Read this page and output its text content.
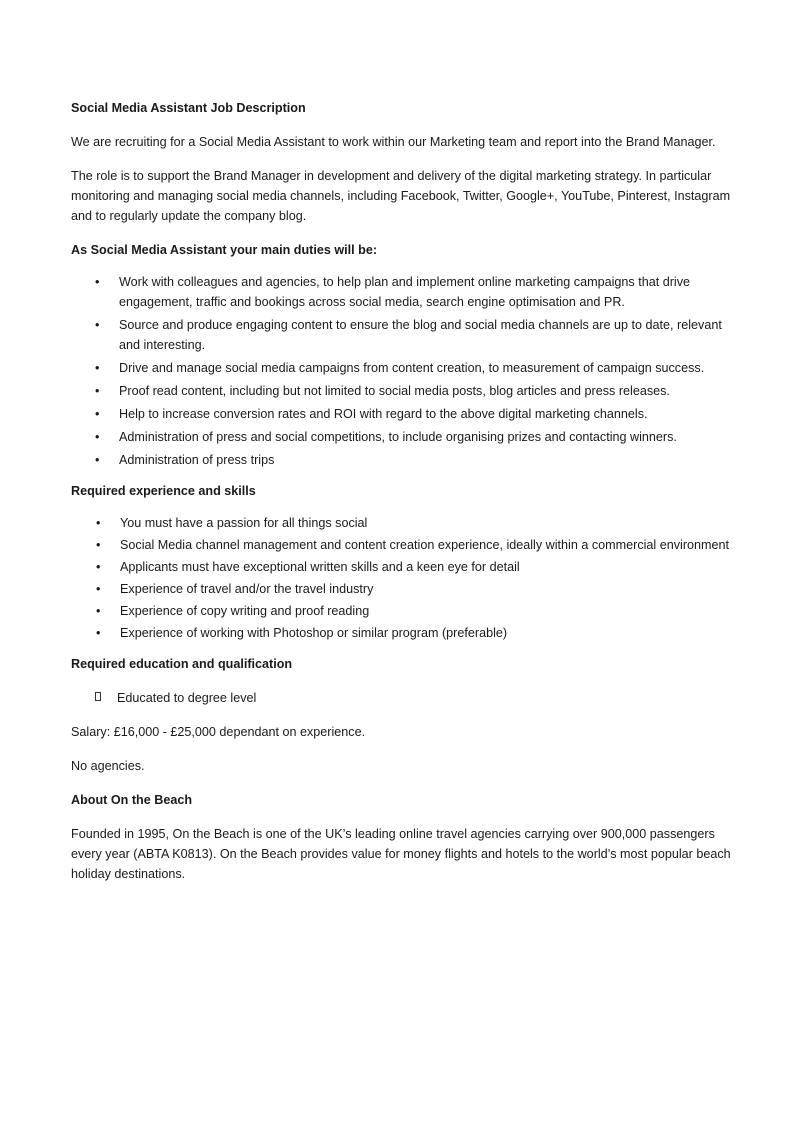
Social Media Assistant Job Description

We are recruiting for a Social Media Assistant to work within our Marketing team and report into the Brand Manager.

The role is to support the Brand Manager in development and delivery of the digital marketing strategy. In particular monitoring and managing social media channels, including Facebook, Twitter, Google+, YouTube, Pinterest, Instagram and to regularly update the company blog.

As Social Media Assistant your main duties will be:
• Work with colleagues and agencies, to help plan and implement online marketing campaigns that drive engagement, traffic and bookings across social media, search engine optimisation and PR.
• Source and produce engaging content to ensure the blog and social media channels are up to date, relevant and interesting.
• Drive and manage social media campaigns from content creation, to measurement of campaign success.
• Proof read content, including but not limited to social media posts, blog articles and press releases.
• Help to increase conversion rates and ROI with regard to the above digital marketing channels.
• Administration of press and social competitions, to include organising prizes and contacting winners.
• Administration of press trips
Required experience and skills
• You must have a passion for all things social
• Social Media channel management and content creation experience, ideally within a commercial environment
• Applicants must have exceptional written skills and a keen eye for detail
• Experience of travel and/or the travel industry
• Experience of copy writing and proof reading
• Experience of working with Photoshop or similar program (preferable)
Required education and qualification
Educated to degree level

Salary: £16,000 - £25,000 dependant on experience.

No agencies.

About On the Beach

Founded in 1995, On the Beach is one of the UK’s leading online travel agencies carrying over 900,000 passengers every year (ABTA K0813). On the Beach provides value for money flights and hotels to the world’s most popular beach holiday destinations.
